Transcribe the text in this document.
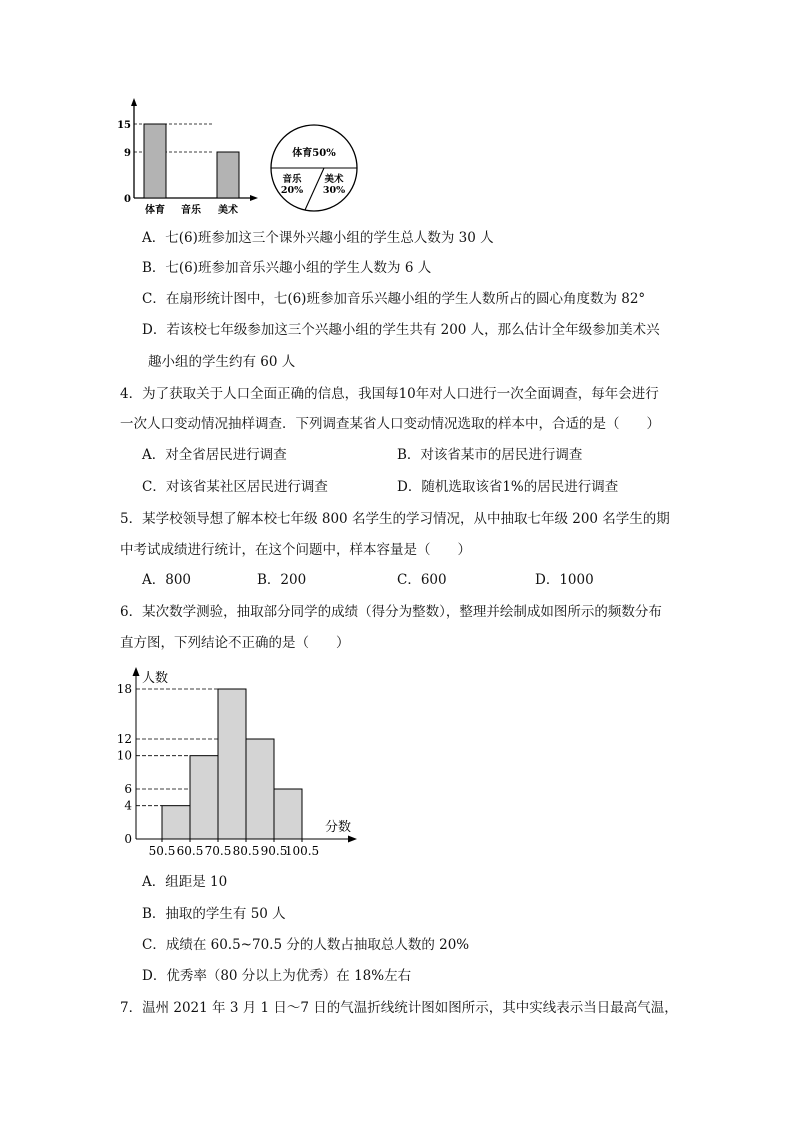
15
9
0
体育 音乐 美术
体育50%
音乐
20%
美术
30%
A．七(6)班参加这三个课外兴趣小组的学生总人数为 30 人
B．七(6)班参加音乐兴趣小组的学生人数为 6 人
C．在扇形统计图中，七(6)班参加音乐兴趣小组的学生人数所占的圆心角度数为 82°
D．若该校七年级参加这三个兴趣小组的学生共有 200 人，那么估计全年级参加美术兴
趣小组的学生约有 60 人
4．为了获取关于人口全面正确的信息，我国每10年对人口进行一次全面调查，每年会进行
一次人口变动情况抽样调查．下列调查某省人口变动情况选取的样本中，合适的是（　　）
A．对全省居民进行调查	B．对该省某市的居民进行调查
C．对该省某社区居民进行调查	D．随机选取该省1%的居民进行调查
5．某学校领导想了解本校七年级 800 名学生的学习情况，从中抽取七年级 200 名学生的期
中考试成绩进行统计，在这个问题中，样本容量是（　　）
A．800	B．200	C．600	D．1000
6．某次数学测验，抽取部分同学的成绩（得分为整数），整理并绘制成如图所示的频数分布
直方图，下列结论不正确的是（　　）
0
4
6
10
12
18
50.5 60.5 70.5 80.5 90.5
100.5
人数
分数
A．组距是 10
B．抽取的学生有 50 人
C．成绩在 60.5~70.5 分的人数占抽取总人数的 20%
D．优秀率（80 分以上为优秀）在 18%左右
7．温州 2021 年 3 月 1 日～7 日的气温折线统计图如图所示，其中实线表示当日最高气温，
